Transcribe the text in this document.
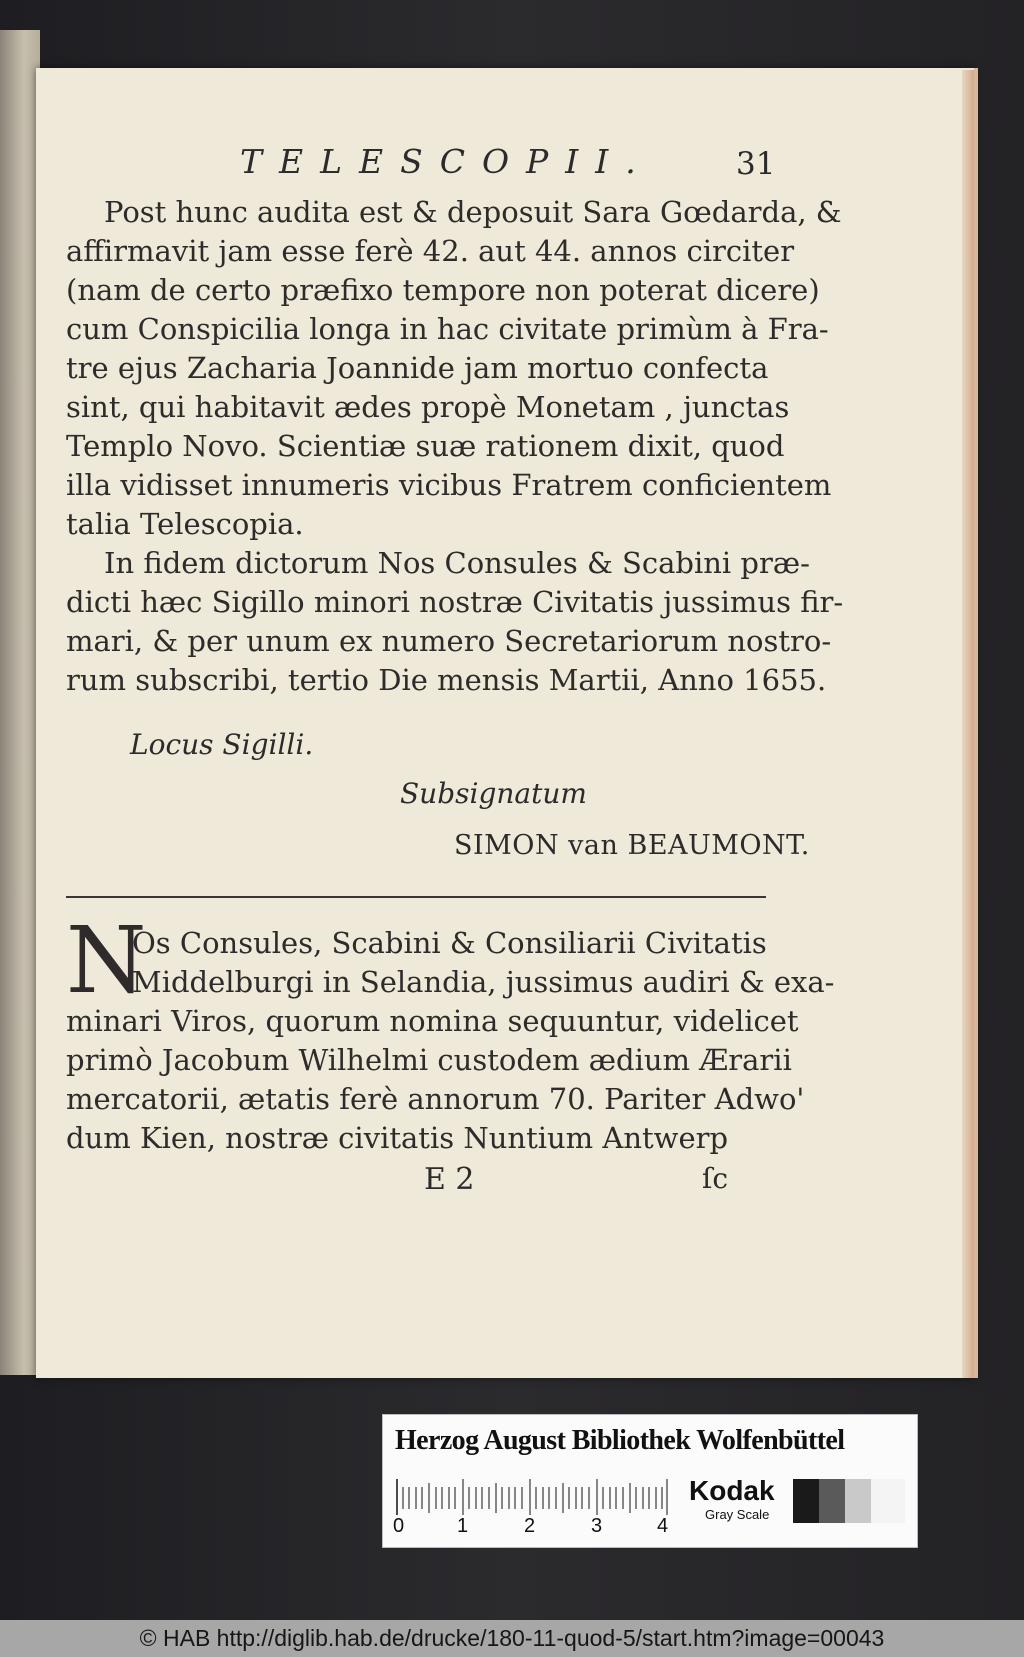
TELESCOPII.	31
Post hunc audita est & deposuit Sara Gœdarda, &
affirmavit jam esse ferè 42. aut 44. annos circiter
(nam de certo præfixo tempore non poterat dicere)
cum Conspicilia longa in hac civitate primùm à Fra-
tre ejus Zacharia Joannide jam mortuo confecta
sint, qui habitavit ædes propè Monetam , junctas
Templo Novo. Scientiæ suæ rationem dixit, quod
illa vidisset innumeris vicibus Fratrem conficientem
talia Telescopia.
In fidem dictorum Nos Consules & Scabini præ-
dicti hæc Sigillo minori nostræ Civitatis jussimus fir-
mari, & per unum ex numero Secretariorum nostro-
rum subscribi, tertio Die mensis Martii, Anno 1655.
Locus Sigilli.
Subsignatum
SIMON van BEAUMONT.
N
Os Consules, Scabini & Consiliarii Civitatis
Middelburgi in Selandia, jussimus audiri & exa-
minari Viros, quorum nomina sequuntur, videlicet
primò Jacobum Wilhelmi custodem ædium Ærarii
mercatorii, ætatis ferè annorum 70. Pariter Adwo'
dum Kien, nostræ civitatis Nuntium Antwerp
E 2	ſc
Herzog August Bibliothek Wolfenbüttel
0	1	2	3	4
Kodak
Gray Scale
© HAB http://diglib.hab.de/drucke/180-11-quod-5/start.htm?image=00043
